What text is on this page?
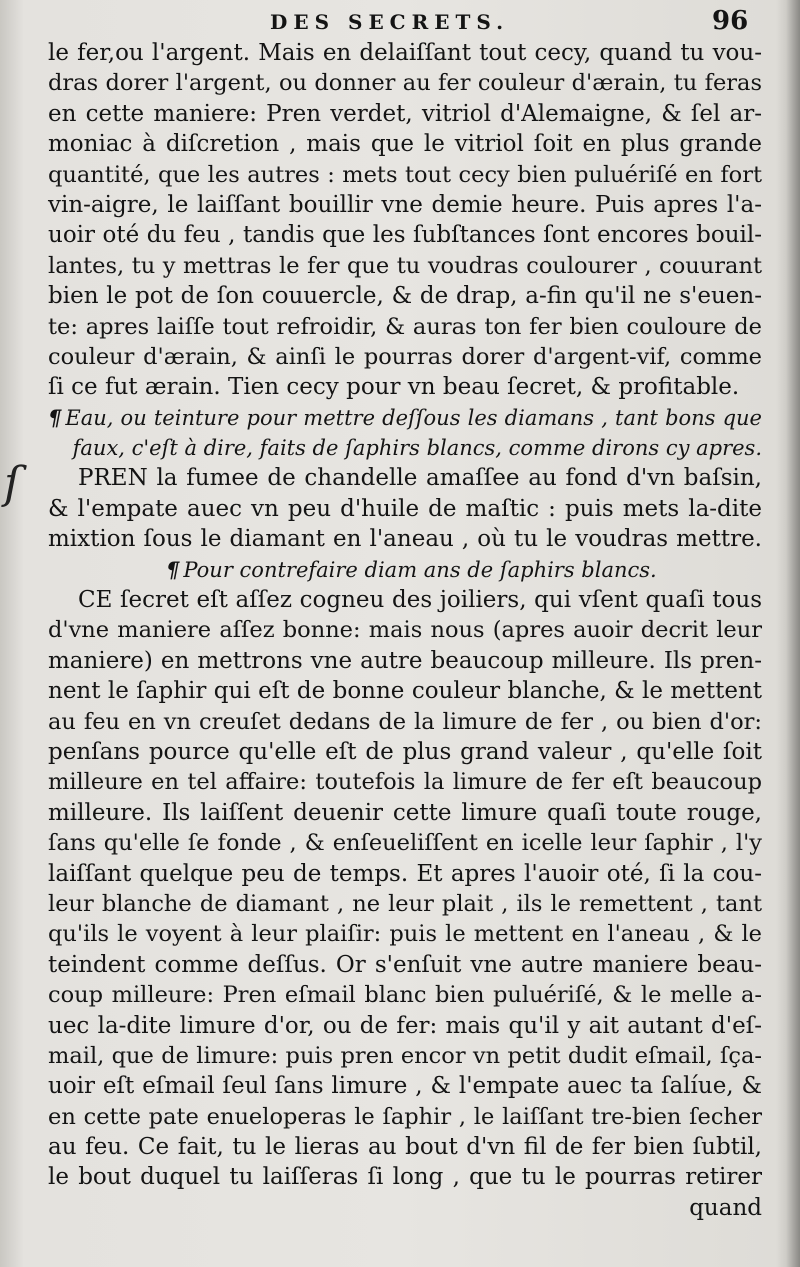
DES SECRETS.	96
ſ
le fer,ou l'argent. Mais en delaiſſant tout cecy, quand tu vou-
dras dorer l'argent, ou donner au fer couleur d'ærain, tu feras
en cette maniere: Pren verdet, vitriol d'Alemaigne, & ſel ar-
moniac à diſcretion , mais que le vitriol ſoit en plus grande
quantité, que les autres : mets tout cecy bien puluériſé en fort
vin-aigre, le laiſſant bouillir vne demie heure. Puis apres l'a-
uoir oté du feu , tandis que les ſubſtances ſont encores bouil-
lantes, tu y mettras le fer que tu voudras coulourer , couurant
bien le pot de ſon couuercle, & de drap, a-fin qu'il ne s'euen-
te: apres laiſſe tout refroidir, & auras ton fer bien couloure de
couleur d'ærain, & ainſi le pourras dorer d'argent-vif, comme
ſi ce fut ærain. Tien cecy pour vn beau ſecret, & profitable.
¶ Eau, ou teinture pour mettre deſſous les diamans , tant bons que
faux, c'eſt à dire, faits de ſaphirs blancs, comme dirons cy apres.
PREN la fumee de chandelle amaſſee au fond d'vn baſsin,
& l'empate auec vn peu d'huile de maſtic : puis mets la-dite
mixtion ſous le diamant en l'aneau , où tu le voudras mettre.
¶ Pour contrefaire diam ans de ſaphirs blancs.
CE ſecret eſt aſſez cogneu des joiliers, qui vſent quaſi tous
d'vne maniere aſſez bonne: mais nous (apres auoir decrit leur
maniere) en mettrons vne autre beaucoup milleure. Ils pren-
nent le ſaphir qui eſt de bonne couleur blanche, & le mettent
au feu en vn creuſet dedans de la limure de fer , ou bien d'or:
penſans pource qu'elle eſt de plus grand valeur , qu'elle ſoit
milleure en tel affaire: toutefois la limure de fer eſt beaucoup
milleure. Ils laiſſent deuenir cette limure quaſi toute rouge,
ſans qu'elle ſe fonde , & enſeueliſſent en icelle leur ſaphir , l'y
laiſſant quelque peu de temps. Et apres l'auoir oté, ſi la cou-
leur blanche de diamant , ne leur plait , ils le remettent , tant
qu'ils le voyent à leur plaiſir: puis le mettent en l'aneau , & le
teindent comme deſſus. Or s'enſuit vne autre maniere beau-
coup milleure: Pren eſmail blanc bien puluériſé, & le melle a-
uec la-dite limure d'or, ou de fer: mais qu'il y ait autant d'eſ-
mail, que de limure: puis pren encor vn petit dudit eſmail, ſça-
uoir eſt eſmail ſeul ſans limure , & l'empate auec ta ſalíue, &
en cette pate enueloperas le ſaphir , le laiſſant tre-bien ſecher
au feu. Ce fait, tu le lieras au bout d'vn fil de fer bien ſubtil,
le bout duquel tu laiſſeras ſi long , que tu le pourras retirer
quand
